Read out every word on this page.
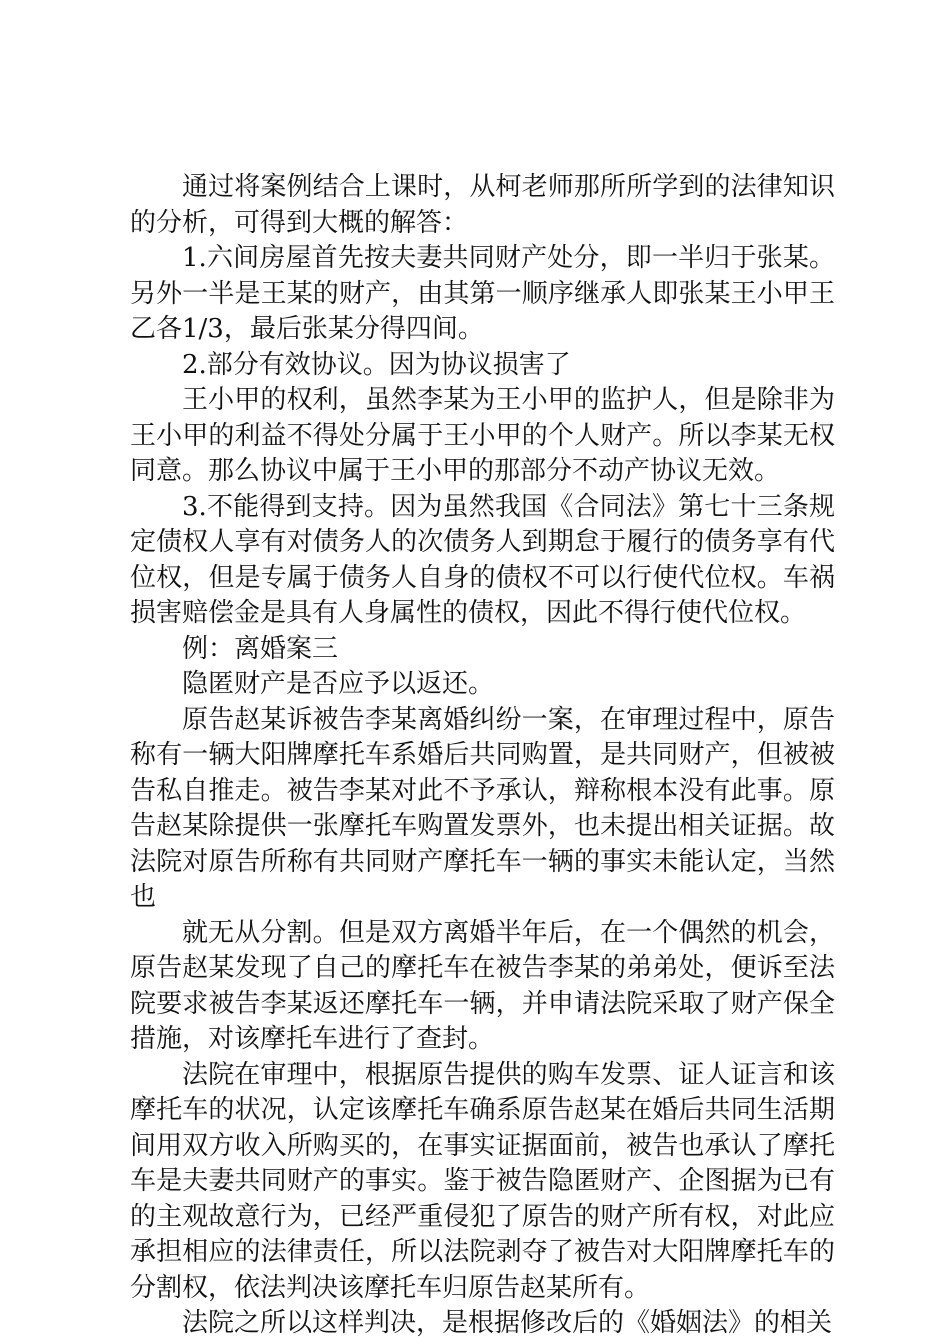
通过将案例结合上课时，从柯老师那所所学到的法律知识的分析，可得到大概的解答：

1.六间房屋首先按夫妻共同财产处分，即一半归于张某。另外一半是王某的财产，由其第一顺序继承人即张某王小甲王乙各1/3，最后张某分得四间。

2.部分有效协议。因为协议损害了

王小甲的权利，虽然李某为王小甲的监护人，但是除非为王小甲的利益不得处分属于王小甲的个人财产。所以李某无权同意。那么协议中属于王小甲的那部分不动产协议无效。

3.不能得到支持。因为虽然我国《合同法》第七十三条规定债权人享有对债务人的次债务人到期怠于履行的债务享有代位权，但是专属于债务人自身的债权不可以行使代位权。车祸损害赔偿金是具有人身属性的债权，因此不得行使代位权。

例：离婚案三

隐匿财产是否应予以返还。

原告赵某诉被告李某离婚纠纷一案，在审理过程中，原告称有一辆大阳牌摩托车系婚后共同购置，是共同财产，但被被告私自推走。被告李某对此不予承认，辩称根本没有此事。原告赵某除提供一张摩托车购置发票外，也未提出相关证据。故法院对原告所称有共同财产摩托车一辆的事实未能认定，当然也

就无从分割。但是双方离婚半年后，在一个偶然的机会，原告赵某发现了自己的摩托车在被告李某的弟弟处，便诉至法院要求被告李某返还摩托车一辆，并申请法院采取了财产保全措施，对该摩托车进行了查封。

法院在审理中，根据原告提供的购车发票、证人证言和该摩托车的状况，认定该摩托车确系原告赵某在婚后共同生活期间用双方收入所购买的，在事实证据面前，被告也承认了摩托车是夫妻共同财产的事实。鉴于被告隐匿财产、企图据为已有的主观故意行为，已经严重侵犯了原告的财产所有权，对此应承担相应的法律责任，所以法院剥夺了被告对大阳牌摩托车的分割权，依法判决该摩托车归原告赵某所有。

法院之所以这样判决，是根据修改后的《婚姻法》的相关
